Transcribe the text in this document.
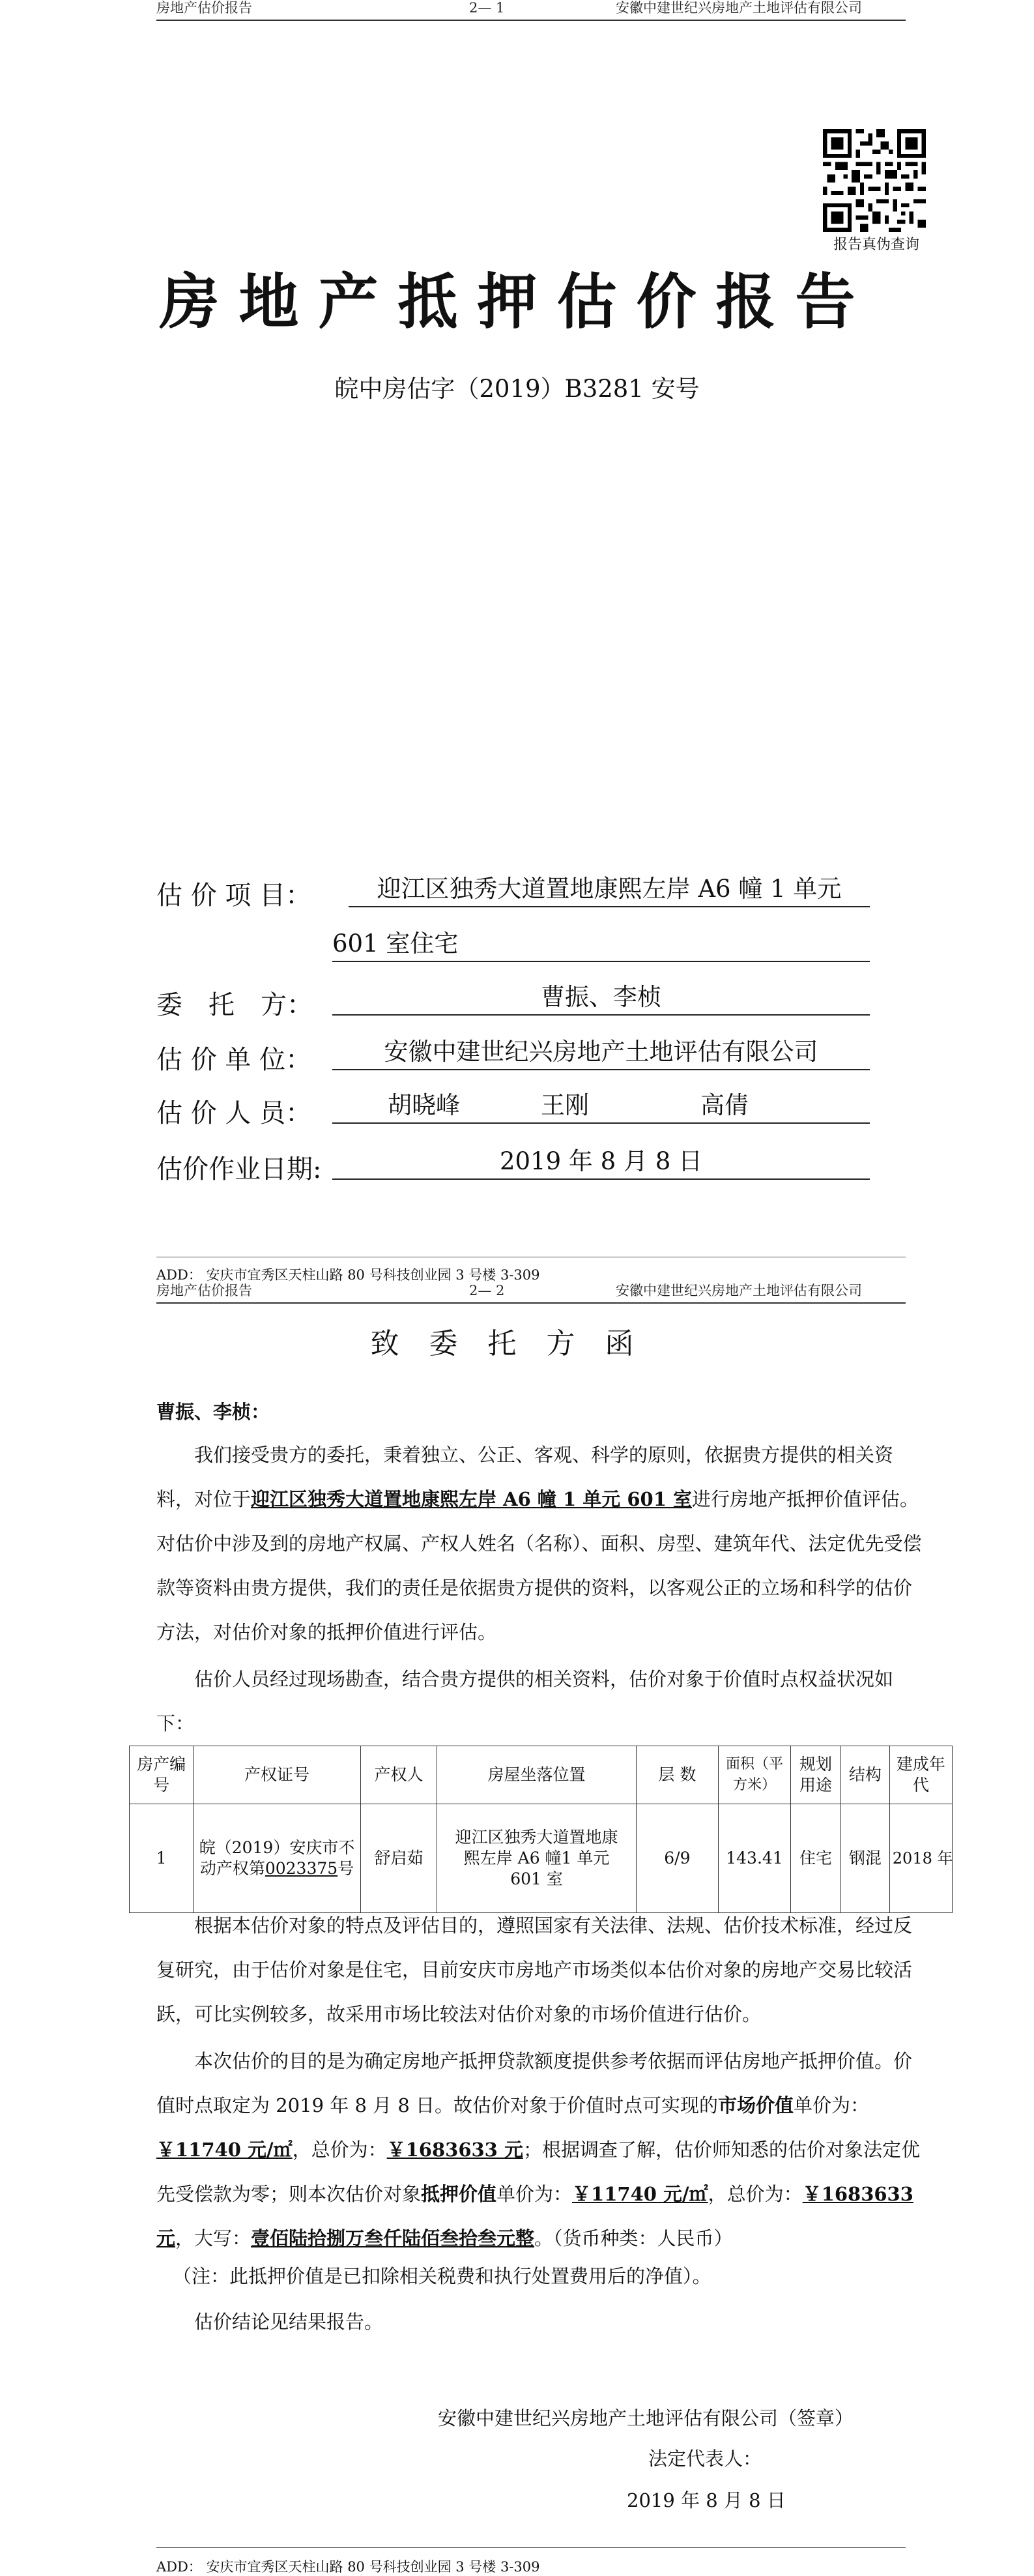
房地产估价报告	2— 1	安徽中建世纪兴房地产土地评估有限公司
报告真伪查询
房地产抵押估价报告
皖中房估字（2019）B3281 安号
估 价 项 目：	迎江区独秀大道置地康熙左岸 A6 幢 1 单元
601 室住宅
委　托　方：	曹振、李桢
估 价 单 位：	安徽中建世纪兴房地产土地评估有限公司
估 价 人 员：	胡晓峰	王刚	高倩
估价作业日期:	2019 年 8 月 8 日
ADD： 安庆市宜秀区天柱山路 80 号科技创业园 3 号楼 3-309
房地产估价报告	2— 2	安徽中建世纪兴房地产土地评估有限公司
致委托方函
曹振、李桢：

我们接受贵方的委托，秉着独立、公正、客观、科学的原则，依据贵方提供的相关资料，对位于迎江区独秀大道置地康熙左岸 A6 幢 1 单元 601 室进行房地产抵押价值评估。对估价中涉及到的房地产权属、产权人姓名（名称）、面积、房型、建筑年代、法定优先受偿款等资料由贵方提供，我们的责任是依据贵方提供的资料，以客观公正的立场和科学的估价方法，对估价对象的抵押价值进行评估。

估价人员经过现场勘查，结合贵方提供的相关资料，估价对象于价值时点权益状况如下：

房产编号	产权证号	产权人	房屋坐落位置	层 数	面积（平方米）	规划用途	结构	建成年代
1	皖（2019）安庆市不动产权第0023375号	舒启茹	迎江区独秀大道置地康熙左岸 A6 幢1 单元 601 室	6/9	143.41	住宅	钢混	2018 年

根据本估价对象的特点及评估目的，遵照国家有关法律、法规、估价技术标准，经过反复研究，由于估价对象是住宅，目前安庆市房地产市场类似本估价对象的房地产交易比较活跃，可比实例较多，故采用市场比较法对估价对象的市场价值进行估价。

本次估价的目的是为确定房地产抵押贷款额度提供参考依据而评估房地产抵押价值。价值时点取定为 2019 年 8 月 8 日。故估价对象于价值时点可实现的市场价值单价为：￥11740 元/㎡，总价为：￥1683633 元；根据调查了解，估价师知悉的估价对象法定优先受偿款为零；则本次估价对象抵押价值单价为：￥11740 元/㎡，总价为：￥1683633 元，大写：壹佰陆拾捌万叁仟陆佰叁拾叁元整。（货币种类：人民币）

（注：此抵押价值是已扣除相关税费和执行处置费用后的净值）。
估价结论见结果报告。
安徽中建世纪兴房地产土地评估有限公司（签章）
法定代表人：
2019 年 8 月 8 日
ADD： 安庆市宜秀区天柱山路 80 号科技创业园 3 号楼 3-309
